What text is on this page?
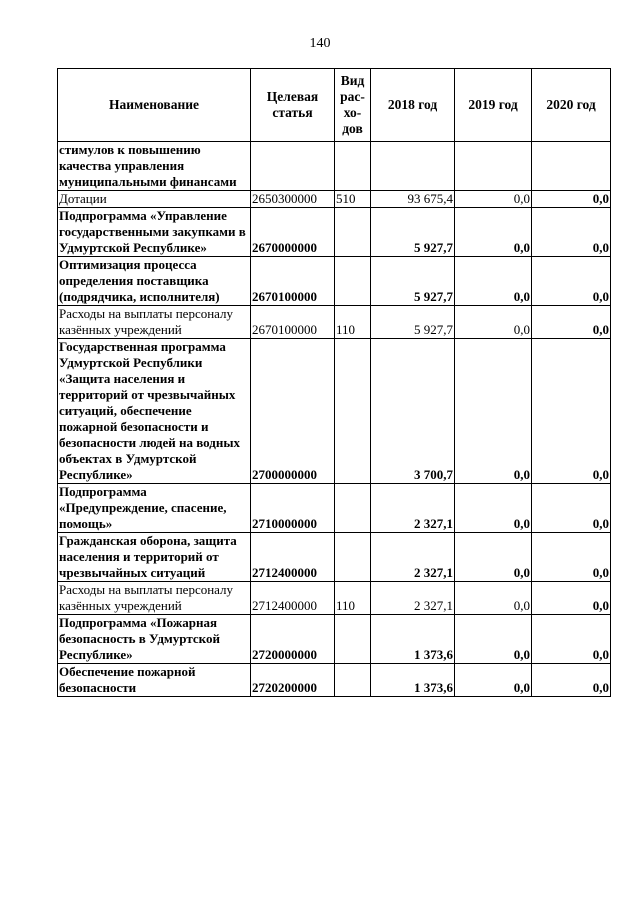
140
Наименование	Целевая статья	Вид рас-хо-дов	2018 год	2019 год	2020 год
стимулов к повышению качества управления муниципальными финансами					
Дотации	2650300000	510	93 675,4	0,0	0,0
Подпрограмма «Управление государственными закупками в Удмуртской Республике»	2670000000		5 927,7	0,0	0,0
Оптимизация процесса определения поставщика (подрядчика, исполнителя)	2670100000		5 927,7	0,0	0,0
Расходы на выплаты персоналу казённых учреждений	2670100000	110	5 927,7	0,0	0,0
Государственная программа Удмуртской Республики «Защита населения и территорий от чрезвычайных ситуаций, обеспечение пожарной безопасности и безопасности людей на водных объектах в Удмуртской Республике»	2700000000		3 700,7	0,0	0,0
Подпрограмма «Предупреждение, спасение, помощь»	2710000000		2 327,1	0,0	0,0
Гражданская оборона, защита населения и территорий от чрезвычайных ситуаций	2712400000		2 327,1	0,0	0,0
Расходы на выплаты персоналу казённых учреждений	2712400000	110	2 327,1	0,0	0,0
Подпрограмма «Пожарная безопасность в Удмуртской Республике»	2720000000		1 373,6	0,0	0,0
Обеспечение пожарной безопасности	2720200000		1 373,6	0,0	0,0
